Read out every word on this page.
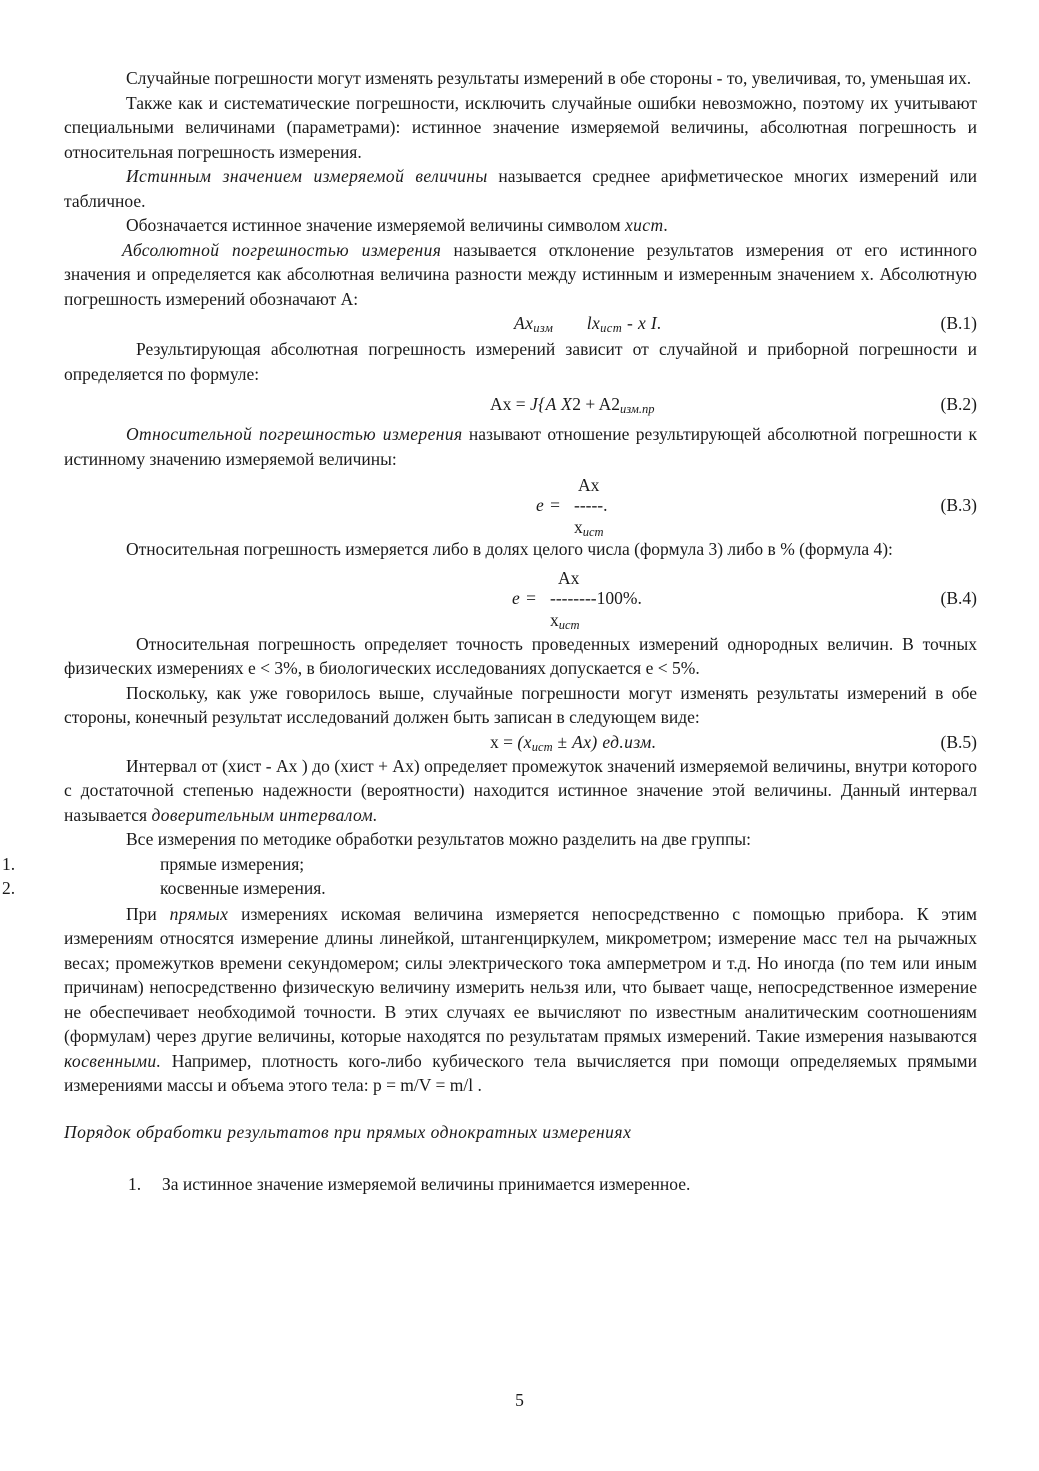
Случайные погрешности могут изменять результаты измерений в обе стороны - то, увеличивая, то, уменьшая их.

Также как и систематические погрешности, исключить случайные ошибки невозможно, поэтому их учитывают специальными величинами (параметрами): истинное значение измеряемой величины, абсолютная погрешность и относительная погрешность измерения.

Истинным значением измеряемой величины называется среднее арифметическое многих измерений или табличное.

Обозначается истинное значение измеряемой величины символом xист.

Абсолютной погрешностью измерения называется отклонение результатов измерения от его истинного значения и определяется как абсолютная величина разности между истинным и измеренным значением x. Абсолютную погрешность измерений обозначают A:

Axизм lxист - x I.	(B.1)

Результирующая абсолютная погрешность измерений зависит от случайной и приборной погрешности и определяется по формуле:

Ax = J{A X2 + A2изм.пр	(B.2)

Относительной погрешностью измерения называют отношение результирующей абсолютной погрешности к истинному значению измеряемой величины:

Ax
e = -----.
xист
(B.3)

Относительная погрешность измеряется либо в долях целого числа (формула 3) либо в % (формула 4):

Ax
e = --------100%.
xист
(B.4)

Относительная погрешность определяет точность проведенных измерений однородных величин. В точных физических измерениях e < 3%, в биологических исследованиях допускается e < 5%.

Поскольку, как уже говорилось выше, случайные погрешности могут изменять результаты измерений в обе стороны, конечный результат исследований должен быть записан в следующем виде:

x = (xист ± Ax) ед.изм.	(B.5)

Интервал от (xист - Ax ) до (xист + Ax) определяет промежуток значений измеряемой величины, внутри которого с достаточной степенью надежности (вероятности) находится истинное значение этой величины. Данный интервал называется доверительным интервалом.

Все измерения по методике обработки результатов можно разделить на две группы:

1.	прямые измерения;
2.	косвенные измерения.

При прямых измерениях искомая величина измеряется непосредственно с помощью прибора. К этим измерениям относятся измерение длины линейкой, штангенциркулем, микрометром; измерение масс тел на рычажных весах; промежутков времени секундомером; силы электрического тока амперметром и т.д. Но иногда (по тем или иным причинам) непосредственно физическую величину измерить нельзя или, что бывает чаще, непосредственное измерение не обеспечивает необходимой точности. В этих случаях ее вычисляют по известным аналитическим соотношениям (формулам) через другие величины, которые находятся по результатам прямых измерений. Такие измерения называются косвенными. Например, плотность кого-либо кубического тела вычисляется при помощи определяемых прямыми измерениями массы и объема этого тела: p = m/V = m/l .

Порядок обработки результатов при прямых однократных измерениях

1. За истинное значение измеряемой величины принимается измеренное.
5
